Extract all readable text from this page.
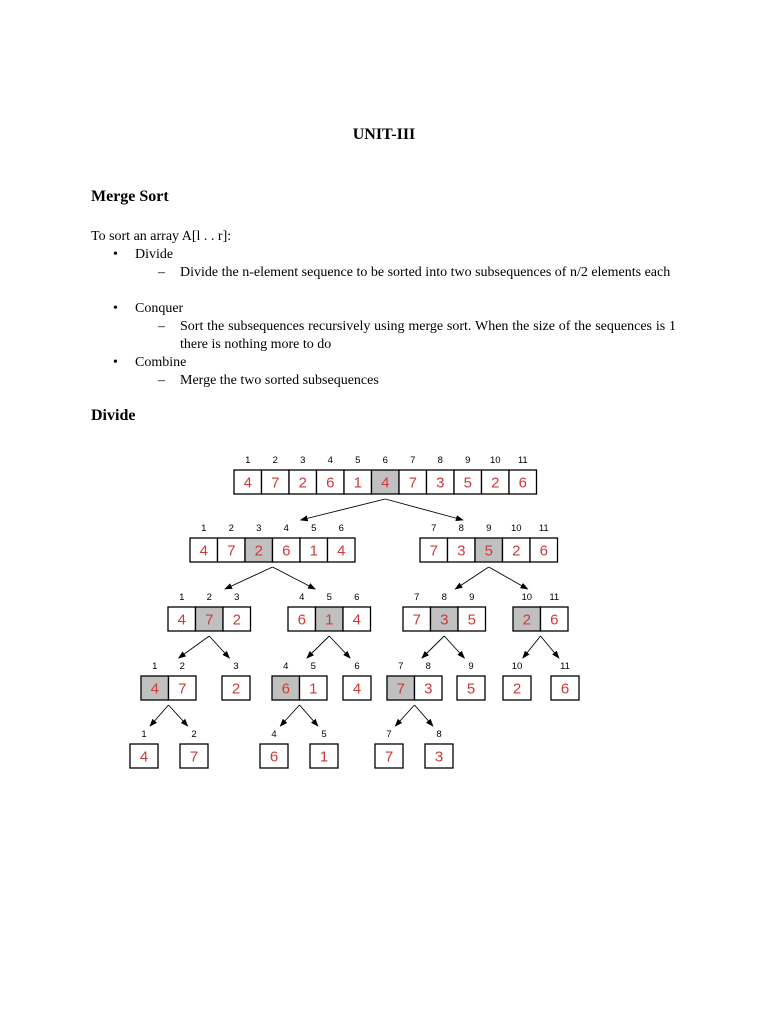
UNIT-III
Merge Sort
To sort an array A[l . . r]:
• Divide
– Divide the n-element sequence to be sorted into two subsequences of n/2 elements each
• Conquer
– Sort the subsequences recursively using merge sort. When the size of the sequences is 1 there is nothing more to do
• Combine
– Merge the two sorted subsequences
Divide
4
1
7
2
2
3
6
4
1
5
4
6
7
7
3
8
5
9
2
10
6
11
4
1
7
2
2
3
6
4
1
5
4
6
7
7
3
8
5
9
2
10
6
11
4
1
7
2
2
3
6
4
1
5
4
6
7
7
3
8
5
9
2
10
6
11
4
1
7
2
2
3
6
4
1
5
4
6
7
7
3
8
5
9
2
10
6
11
4
1
7
2
6
4
1
5
7
7
3
8
